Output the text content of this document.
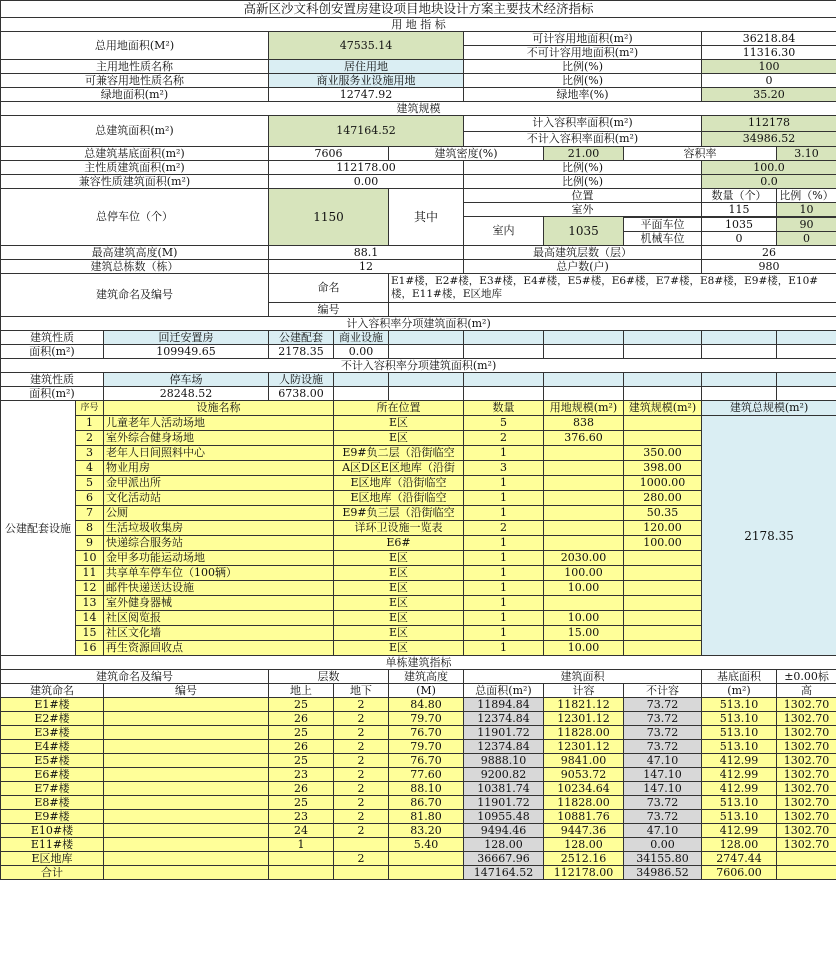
高新区沙文科创安置房建设项目地块设计方案主要技术经济指标										
用 地 指 标										
总用地面积(M²)			47535.14			可计容用地面积(m²)			36218.84	
						不可计容用地面积(m²)			11316.30	
主用地性质名称			居住用地			比例(%)			100	
可兼容用地性质名称			商业服务业设施用地			比例(%)			0	
绿地面积(m²)			12747.92			绿地率(%)			35.20	
建筑规模										
总建筑面积(m²)			147164.52			计入容积率面积(m²)			112178	
						不计入容积率面积(m²)			34986.52	
总建筑基底面积(m²)			7606		建筑密度(%)		21.00	容积率		3.10
主性质建筑面积(m²)			112178.00			比例(%)			100.0	
兼容性质建筑面积(m²)			0.00			比例(%)			0.0	
总停车位（个）			1150		其中	位置			数量（个）	比例（%）
						室外			115	10
						室内	1035			
								平面车位	1035	90
								机械车位	0	0
最高建筑高度(M)			88.1			最高建筑层数（层）			26	
建筑总栋数（栋）			12			总户数(户)			980	
建筑命名及编号			命名		E1#楼，E2#楼，E3#楼，E4#楼，E5#楼，E6#楼，E7#楼，E8#楼，E9#楼，E10#楼，E11#楼，E区地库					
			编号							
计入容积率分项建筑面积(m²)										
建筑性质		回迁安置房	公建配套	商业设施						
面积(m²)		109949.65	2178.35	0.00						
不计入容积率分项建筑面积(m²)										
建筑性质		停车场	人防设施							
面积(m²)		28248.52	6738.00							
公建配套设施	序号	设施名称		所在位置		数量	用地规模(m²)	建筑规模(m²)	建筑总规模(m²)	
	1	儿童老年人活动场地		E区		5	838		2178.35	
	2	室外综合健身场地		E区		2	376.60			
	3	老年人日间照料中心		E9#负二层（沿街临空		1		350.00		
	4	物业用房		A区D区E区地库（沿街		3		398.00		
	5	金甲派出所		E区地库（沿街临空		1		1000.00		
	6	文化活动站		E区地库（沿街临空		1		280.00		
	7	公厕		E9#负三层（沿街临空		1		50.35		
	8	生活垃圾收集房		详环卫设施一览表		2		120.00		
	9	快递综合服务站		E6#		1		100.00		
	10	金甲多功能运动场地		E区		1	2030.00			
	11	共享单车停车位（100辆）		E区		1	100.00			
	12	邮件快递送达设施		E区		1	10.00			
	13	室外健身器械		E区		1				
	14	社区阅览报		E区		1	10.00			
	15	社区文化墙		E区		1	15.00			
	16	再生资源回收点		E区		1	10.00			
单栋建筑指标										
建筑命名及编号			层数		建筑高度	建筑面积			基底面积	±0.00标
建筑命名		编号	地上	地下	(M)	总面积(m²)	计容	不计容	(m²)	高
E1#楼			25	2	84.80	11894.84	11821.12	73.72	513.10	1302.70
E2#楼			26	2	79.70	12374.84	12301.12	73.72	513.10	1302.70
E3#楼			25	2	76.70	11901.72	11828.00	73.72	513.10	1302.70
E4#楼			26	2	79.70	12374.84	12301.12	73.72	513.10	1302.70
E5#楼			25	2	76.70	9888.10	9841.00	47.10	412.99	1302.70
E6#楼			23	2	77.60	9200.82	9053.72	147.10	412.99	1302.70
E7#楼			26	2	88.10	10381.74	10234.64	147.10	412.99	1302.70
E8#楼			25	2	86.70	11901.72	11828.00	73.72	513.10	1302.70
E9#楼			23	2	81.80	10955.48	10881.76	73.72	513.10	1302.70
E10#楼			24	2	83.20	9494.46	9447.36	47.10	412.99	1302.70
E11#楼			1		5.40	128.00	128.00	0.00	128.00	1302.70
E区地库				2		36667.96	2512.16	34155.80	2747.44	
合计						147164.52	112178.00	34986.52	7606.00	
